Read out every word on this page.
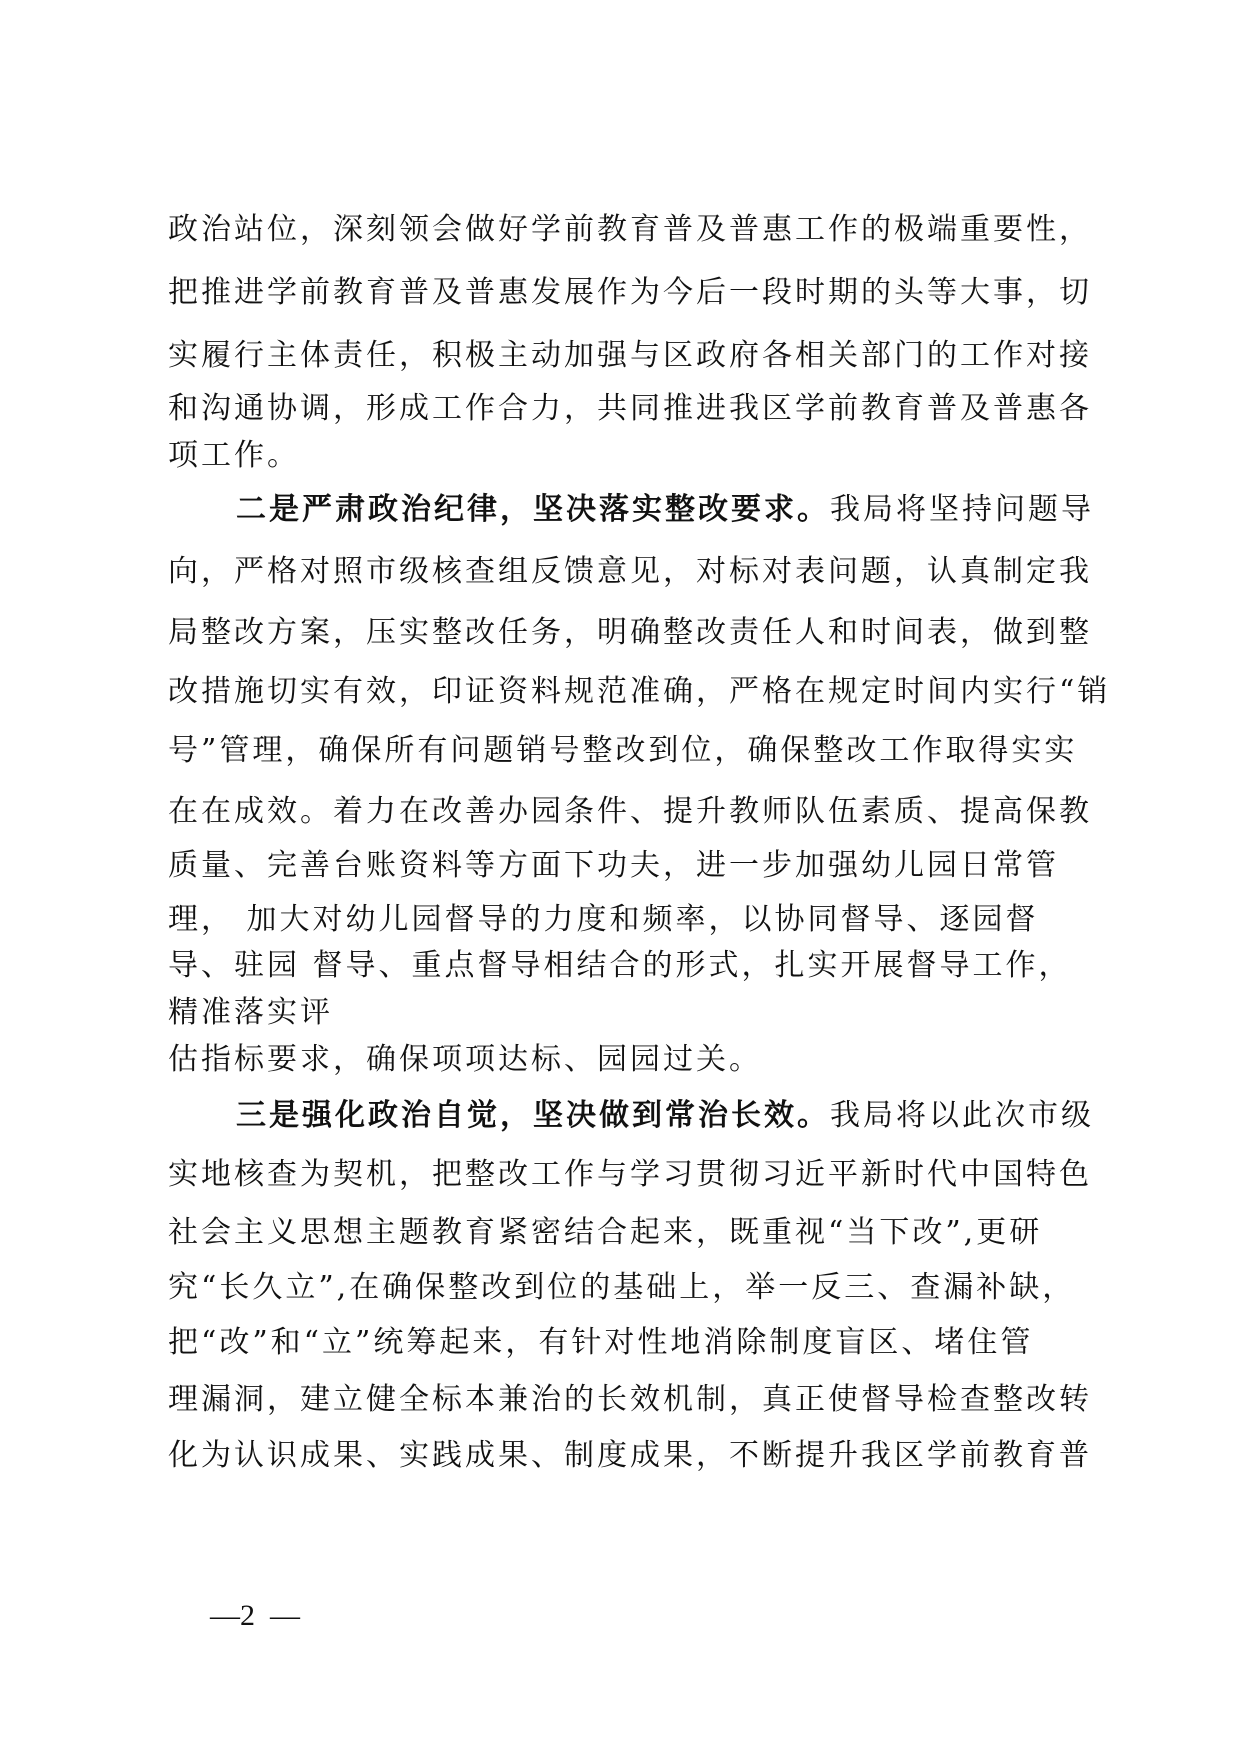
政治站位，深刻领会做好学前教育普及普惠工作的极端重要性，
把推进学前教育普及普惠发展作为今后一段时期的头等大事，切
实履行主体责任，积极主动加强与区政府各相关部门的工作对接
和沟通协调，形成工作合力，共同推进我区学前教育普及普惠各
项工作。
二是严肃政治纪律，坚决落实整改要求。我局将坚持问题导
向，严格对照市级核查组反馈意见，对标对表问题，认真制定我
局整改方案，压实整改任务，明确整改责任人和时间表，做到整
改措施切实有效，印证资料规范准确，严格在规定时间内实行“销
号”管理，确保所有问题销号整改到位，确保整改工作取得实实
在在成效。着力在改善办园条件、提升教师队伍素质、提高保教
质量、完善台账资料等方面下功夫，进一步加强幼儿园日常管
理， 加大对幼儿园督导的力度和频率，以协同督导、逐园督
导、驻园 督导、重点督导相结合的形式，扎实开展督导工作，
精准落实评
估指标要求，确保项项达标、园园过关。
三是强化政治自觉，坚决做到常治长效。我局将以此次市级
实地核查为契机，把整改工作与学习贯彻习近平新时代中国特色
社会主义思想主题教育紧密结合起来，既重视“当下改”,更研
究“长久立”,在确保整改到位的基础上，举一反三、查漏补缺，
把“改”和“立”统筹起来，有针对性地消除制度盲区、堵住管
理漏洞，建立健全标本兼治的长效机制，真正使督导检查整改转
化为认识成果、实践成果、制度成果，不断提升我区学前教育普
—2  —
